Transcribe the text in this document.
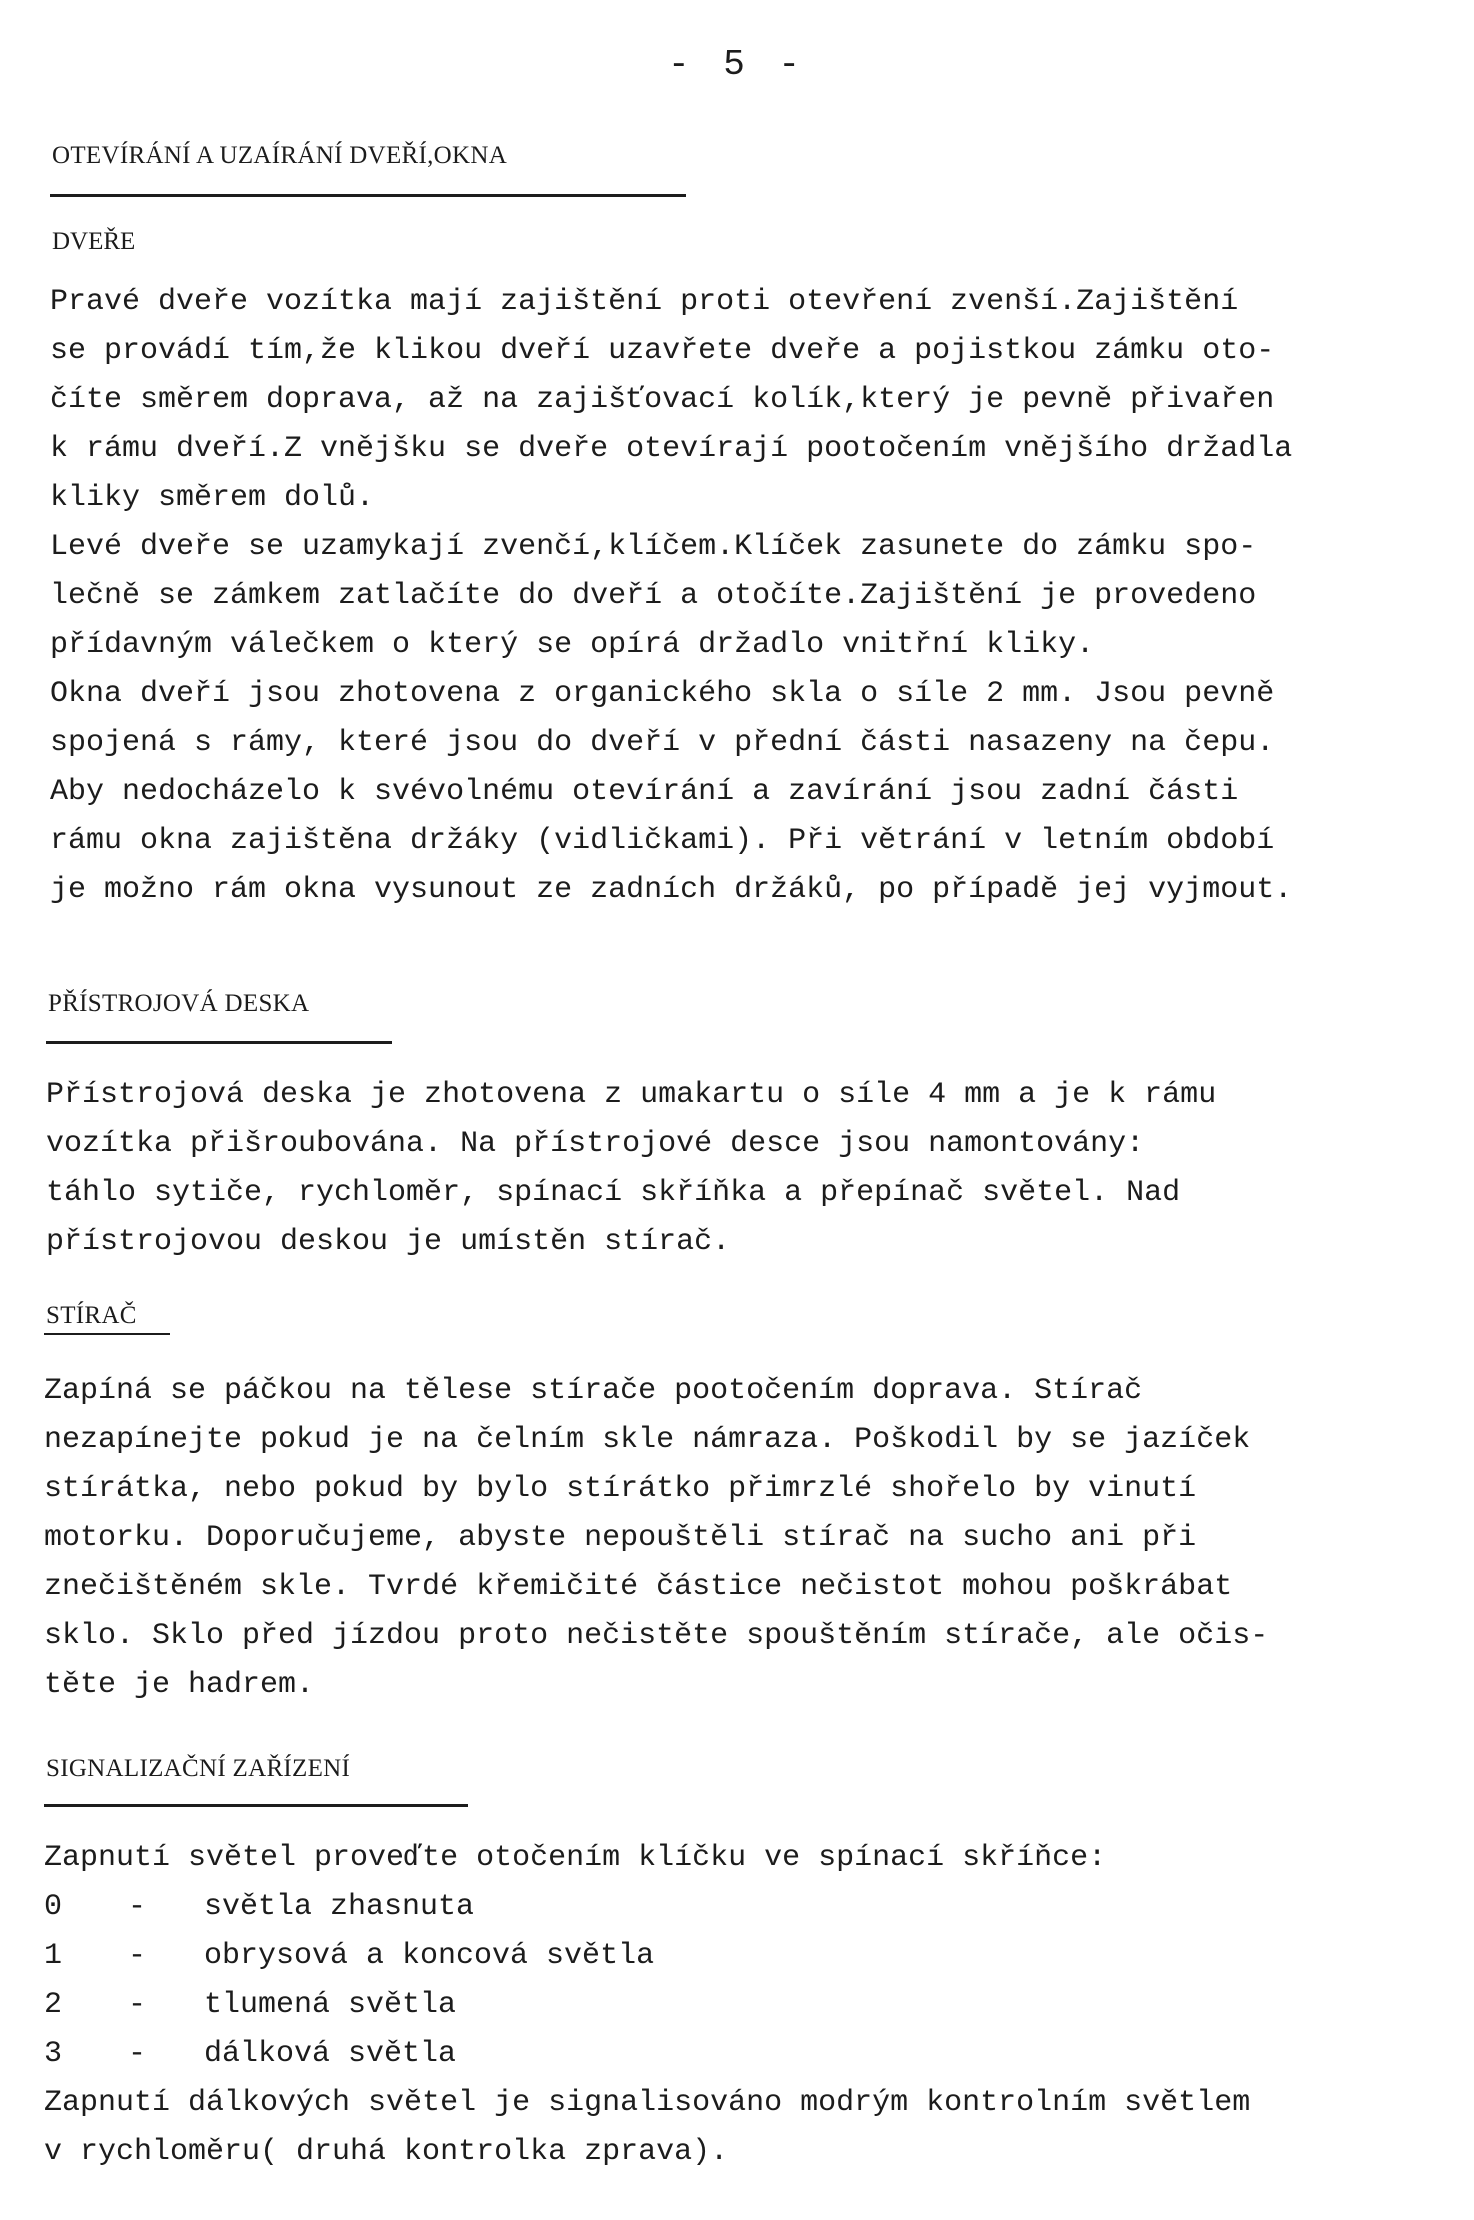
- 5 -
OTEVÍRÁNÍ A UZAÍRÁNÍ DVEŘÍ,OKNA
DVEŘE
Pravé dveře vozítka mají zajištění proti otevření zvenší.Zajištění
se provádí tím,že klikou dveří uzavřete dveře a pojistkou zámku oto-
číte směrem doprava, až na zajišťovací kolík,který je pevně přivařen
k rámu dveří.Z vnějšku se dveře otevírají pootočením vnějšího držadla
kliky směrem dolů.
Levé dveře se uzamykají zvenčí,klíčem.Klíček zasunete do zámku spo-
lečně se zámkem zatlačíte do dveří a otočíte.Zajištění je provedeno
přídavným válečkem o který se opírá držadlo vnitřní kliky.
Okna dveří jsou zhotovena z organického skla o síle 2 mm. Jsou pevně
spojená s rámy, které jsou do dveří v přední části nasazeny na čepu.
Aby nedocházelo k svévolnému otevírání a zavírání jsou zadní části
rámu okna zajištěna držáky (vidličkami). Při větrání v letním období
je možno rám okna vysunout ze zadních držáků, po případě jej vyjmout.
PŘÍSTROJOVÁ DESKA
Přístrojová deska je zhotovena z umakartu o síle 4 mm a je k rámu
vozítka přišroubována. Na přístrojové desce jsou namontovány:
táhlo sytiče, rychloměr, spínací skříňka a přepínač světel. Nad
přístrojovou deskou je umístěn stírač.
STÍRAČ
Zapíná se páčkou na tělese stírače pootočením doprava. Stírač
nezapínejte pokud je na čelním skle námraza. Poškodil by se jazíček
stírátka, nebo pokud by bylo stírátko přimrzlé shořelo by vinutí
motorku. Doporučujeme, abyste nepouštěli stírač na sucho ani při
znečištěném skle. Tvrdé křemičité částice nečistot mohou poškrábat
sklo. Sklo před jízdou proto nečistěte spouštěním stírače, ale očis-
těte je hadrem.
SIGNALIZAČNÍ ZAŘÍZENÍ
Zapnutí světel proveďte otočením klíčku ve spínací skříňce:
0 - světla zhasnuta
1 - obrysová a koncová světla
2 - tlumená světla
3 - dálková světla
Zapnutí dálkových světel je signalisováno modrým kontrolním světlem
v rychloměru( druhá kontrolka zprava).
